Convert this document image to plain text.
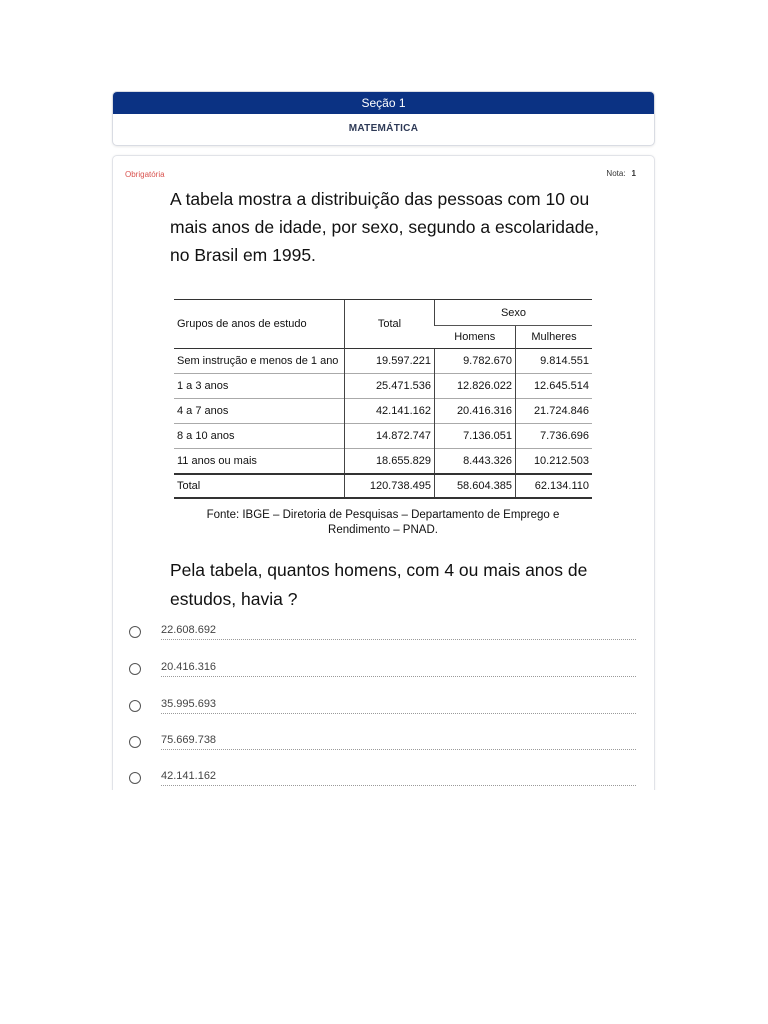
Seção 1
MATEMÁTICA
Obrigatória	Nota: 1
A tabela mostra a distribuição das pessoas com 10 ou mais anos de idade, por sexo, segundo a escolaridade, no Brasil em 1995.
Grupos de anos de estudo	Total	Sexo	
		Homens	Mulheres
Sem instrução e menos de 1 ano	19.597.221	9.782.670	9.814.551
1 a 3 anos	25.471.536	12.826.022	12.645.514
4 a 7 anos	42.141.162	20.416.316	21.724.846
8 a 10 anos	14.872.747	7.136.051	7.736.696
11 anos ou mais	18.655.829	8.443.326	10.212.503
Total	120.738.495	58.604.385	62.134.110
Fonte: IBGE – Diretoria de Pesquisas – Departamento de Emprego e Rendimento – PNAD.
Pela tabela, quantos homens, com 4 ou mais anos de estudos, havia ?
22.608.692
20.416.316
35.995.693
75.669.738
42.141.162
